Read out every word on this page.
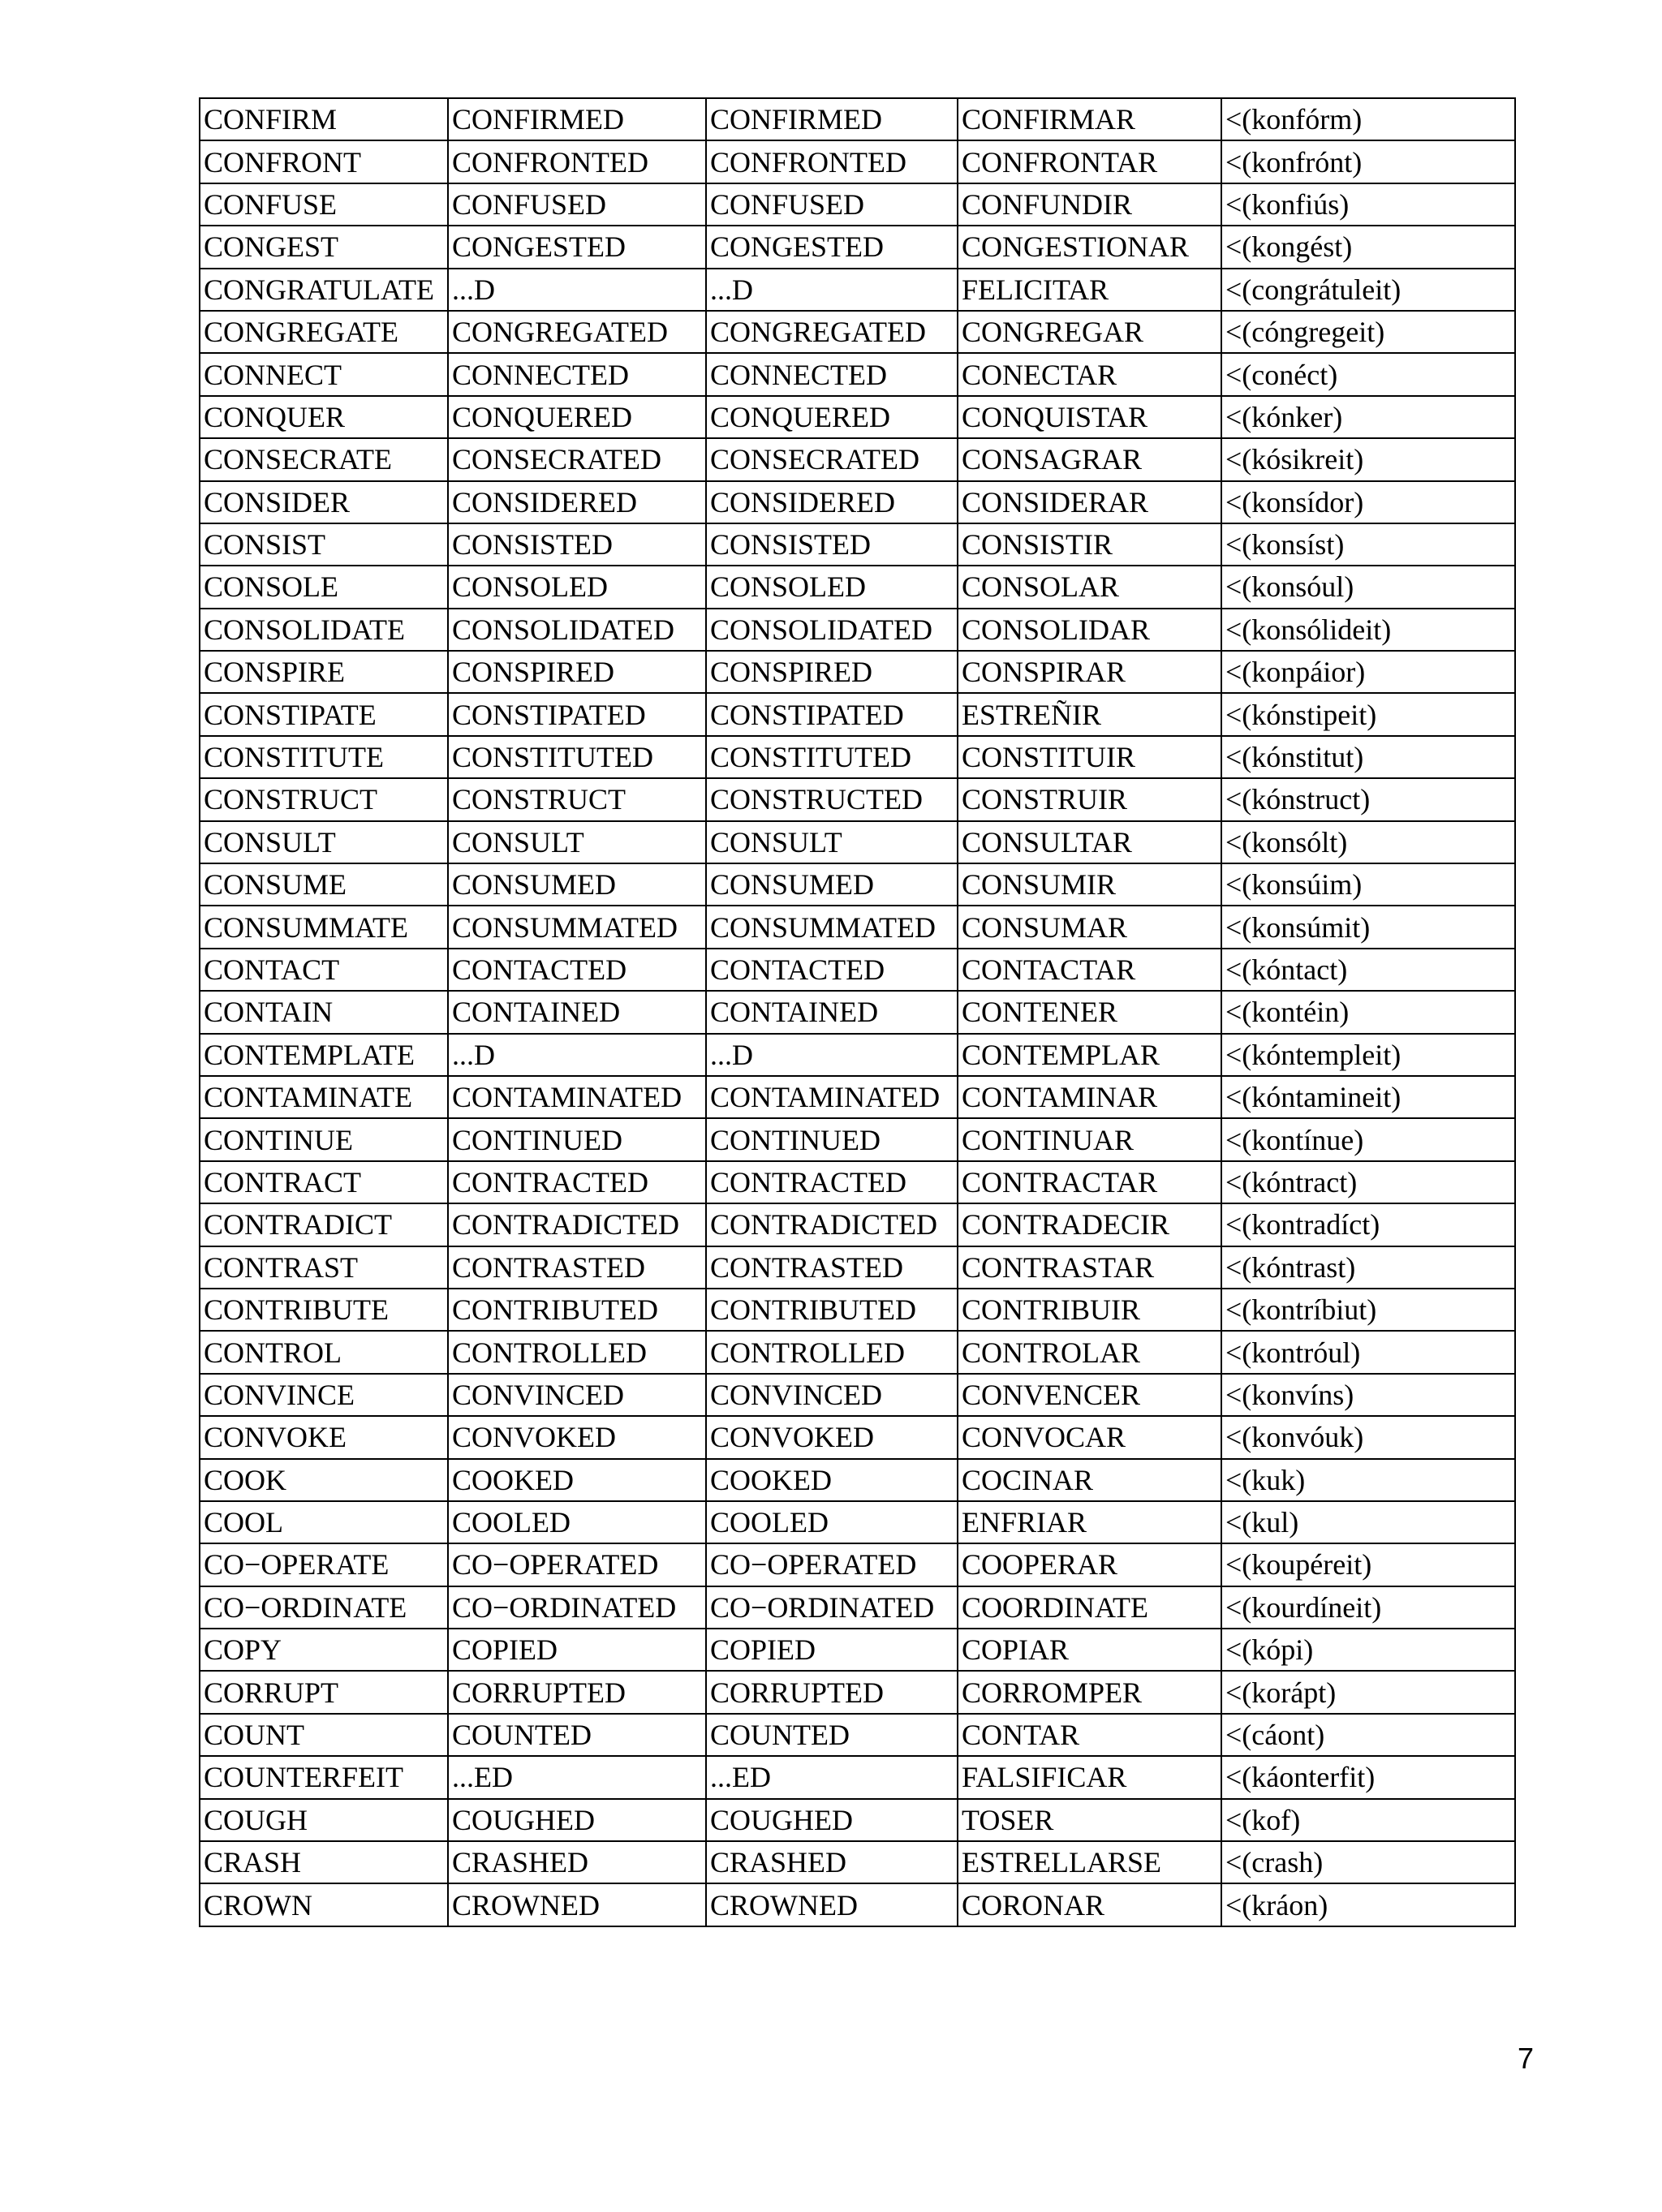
CONFIRM	CONFIRMED	CONFIRMED	CONFIRMAR	<(konfórm)
CONFRONT	CONFRONTED	CONFRONTED	CONFRONTAR	<(konfrónt)
CONFUSE	CONFUSED	CONFUSED	CONFUNDIR	<(konfiús)
CONGEST	CONGESTED	CONGESTED	CONGESTIONAR	<(kongést)
CONGRATULATE	...D	...D	FELICITAR	<(congrátuleit)
CONGREGATE	CONGREGATED	CONGREGATED	CONGREGAR	<(cóngregeit)
CONNECT	CONNECTED	CONNECTED	CONECTAR	<(conéct)
CONQUER	CONQUERED	CONQUERED	CONQUISTAR	<(kónker)
CONSECRATE	CONSECRATED	CONSECRATED	CONSAGRAR	<(kósikreit)
CONSIDER	CONSIDERED	CONSIDERED	CONSIDERAR	<(konsídor)
CONSIST	CONSISTED	CONSISTED	CONSISTIR	<(konsíst)
CONSOLE	CONSOLED	CONSOLED	CONSOLAR	<(konsóul)
CONSOLIDATE	CONSOLIDATED	CONSOLIDATED	CONSOLIDAR	<(konsólideit)
CONSPIRE	CONSPIRED	CONSPIRED	CONSPIRAR	<(konpáior)
CONSTIPATE	CONSTIPATED	CONSTIPATED	ESTREÑIR	<(kónstipeit)
CONSTITUTE	CONSTITUTED	CONSTITUTED	CONSTITUIR	<(kónstitut)
CONSTRUCT	CONSTRUCT	CONSTRUCTED	CONSTRUIR	<(kónstruct)
CONSULT	CONSULT	CONSULT	CONSULTAR	<(konsólt)
CONSUME	CONSUMED	CONSUMED	CONSUMIR	<(konsúim)
CONSUMMATE	CONSUMMATED	CONSUMMATED	CONSUMAR	<(konsúmit)
CONTACT	CONTACTED	CONTACTED	CONTACTAR	<(kóntact)
CONTAIN	CONTAINED	CONTAINED	CONTENER	<(kontéin)
CONTEMPLATE	...D	...D	CONTEMPLAR	<(kóntempleit)
CONTAMINATE	CONTAMINATED	CONTAMINATED	CONTAMINAR	<(kóntamineit)
CONTINUE	CONTINUED	CONTINUED	CONTINUAR	<(kontínue)
CONTRACT	CONTRACTED	CONTRACTED	CONTRACTAR	<(kóntract)
CONTRADICT	CONTRADICTED	CONTRADICTED	CONTRADECIR	<(kontradíct)
CONTRAST	CONTRASTED	CONTRASTED	CONTRASTAR	<(kóntrast)
CONTRIBUTE	CONTRIBUTED	CONTRIBUTED	CONTRIBUIR	<(kontríbiut)
CONTROL	CONTROLLED	CONTROLLED	CONTROLAR	<(kontróul)
CONVINCE	CONVINCED	CONVINCED	CONVENCER	<(konvíns)
CONVOKE	CONVOKED	CONVOKED	CONVOCAR	<(konvóuk)
COOK	COOKED	COOKED	COCINAR	<(kuk)
COOL	COOLED	COOLED	ENFRIAR	<(kul)
CO−OPERATE	CO−OPERATED	CO−OPERATED	COOPERAR	<(koupéreit)
CO−ORDINATE	CO−ORDINATED	CO−ORDINATED	COORDINATE	<(kourdíneit)
COPY	COPIED	COPIED	COPIAR	<(kópi)
CORRUPT	CORRUPTED	CORRUPTED	CORROMPER	<(korápt)
COUNT	COUNTED	COUNTED	CONTAR	<(cáont)
COUNTERFEIT	...ED	...ED	FALSIFICAR	<(káonterfit)
COUGH	COUGHED	COUGHED	TOSER	<(kof)
CRASH	CRASHED	CRASHED	ESTRELLARSE	<(crash)
CROWN	CROWNED	CROWNED	CORONAR	<(kráon)
7
